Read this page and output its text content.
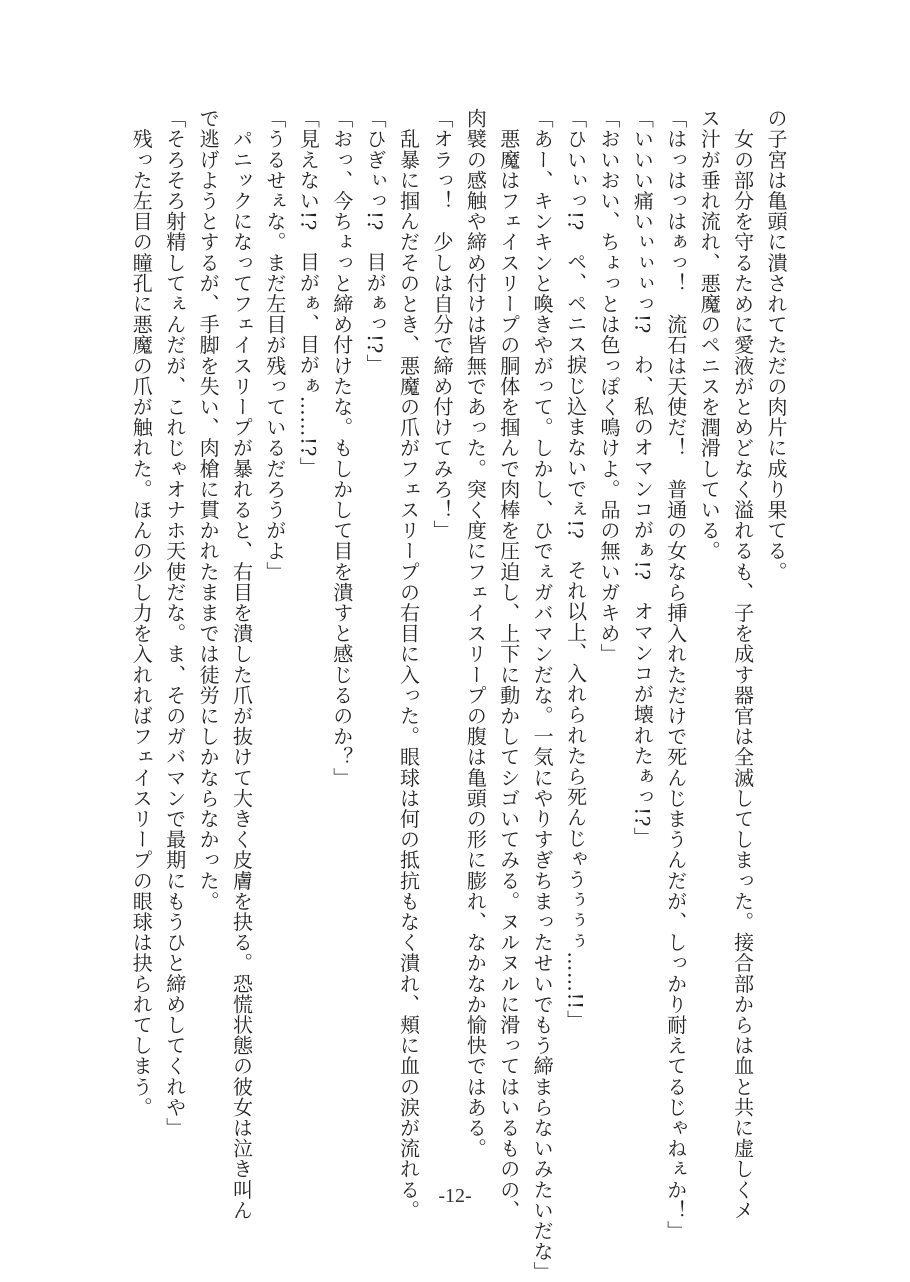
の子宮は亀頭に潰されてただの肉片に成り果てる。
　女の部分を守るために愛液がとめどなく溢れるも、子を成す器官は全滅してしまった。接合部からは血と共に虚しくメ
ス汁が垂れ流れ、悪魔のペニスを潤滑している。
「はっはっはぁっ！　流石は天使だ！　普通の女なら挿入れただけで死んじまうんだが、しっかり耐えてるじゃねぇか！」
「いいい痛いぃぃぃっ!?　わ、私のオマンコがぁ!?　オマンコが壊れたぁっ!?」
「おいおい、ちょっとは色っぽく鳴けよ。品の無いガキめ」
「ひいぃっ!?　ペ、ペニス捩じ込まないでぇ!?　それ以上、入れられたら死んじゃうぅぅぅ……!!」
「あー、キンキンと喚きやがって。しかし、ひでぇガバマンだな。一気にやりすぎちまったせいでもう締まらないみたいだな」
　悪魔はフェイスリープの胴体を掴んで肉棒を圧迫し、上下に動かしてシゴいてみる。ヌルヌルに滑ってはいるものの、
肉襞の感触や締め付けは皆無であった。突く度にフェイスリープの腹は亀頭の形に膨れ、なかなか愉快ではある。
「オラっ！　少しは自分で締め付けてみろ！」
　乱暴に掴んだそのとき、悪魔の爪がフェスリープの右目に入った。眼球は何の抵抗もなく潰れ、頬に血の涙が流れる。
「ひぎぃっ!?　目がぁっ!?」
「おっ、今ちょっと締め付けたな。もしかして目を潰すと感じるのか？」
「見えない!?　目がぁ、目がぁ……!?」
「うるせぇな。まだ左目が残っているだろうがよ」
　パニックになってフェイスリープが暴れると、右目を潰した爪が抜けて大きく皮膚を抉る。恐慌状態の彼女は泣き叫ん
で逃げようとするが、手脚を失い、肉槍に貫かれたままでは徒労にしかならなかった。
「そろそろ射精してぇんだが、これじゃオナホ天使だな。ま、そのガバマンで最期にもうひと締めしてくれや」
　残った左目の瞳孔に悪魔の爪が触れた。ほんの少し力を入れればフェイスリープの眼球は抉られてしまう。
-12-
